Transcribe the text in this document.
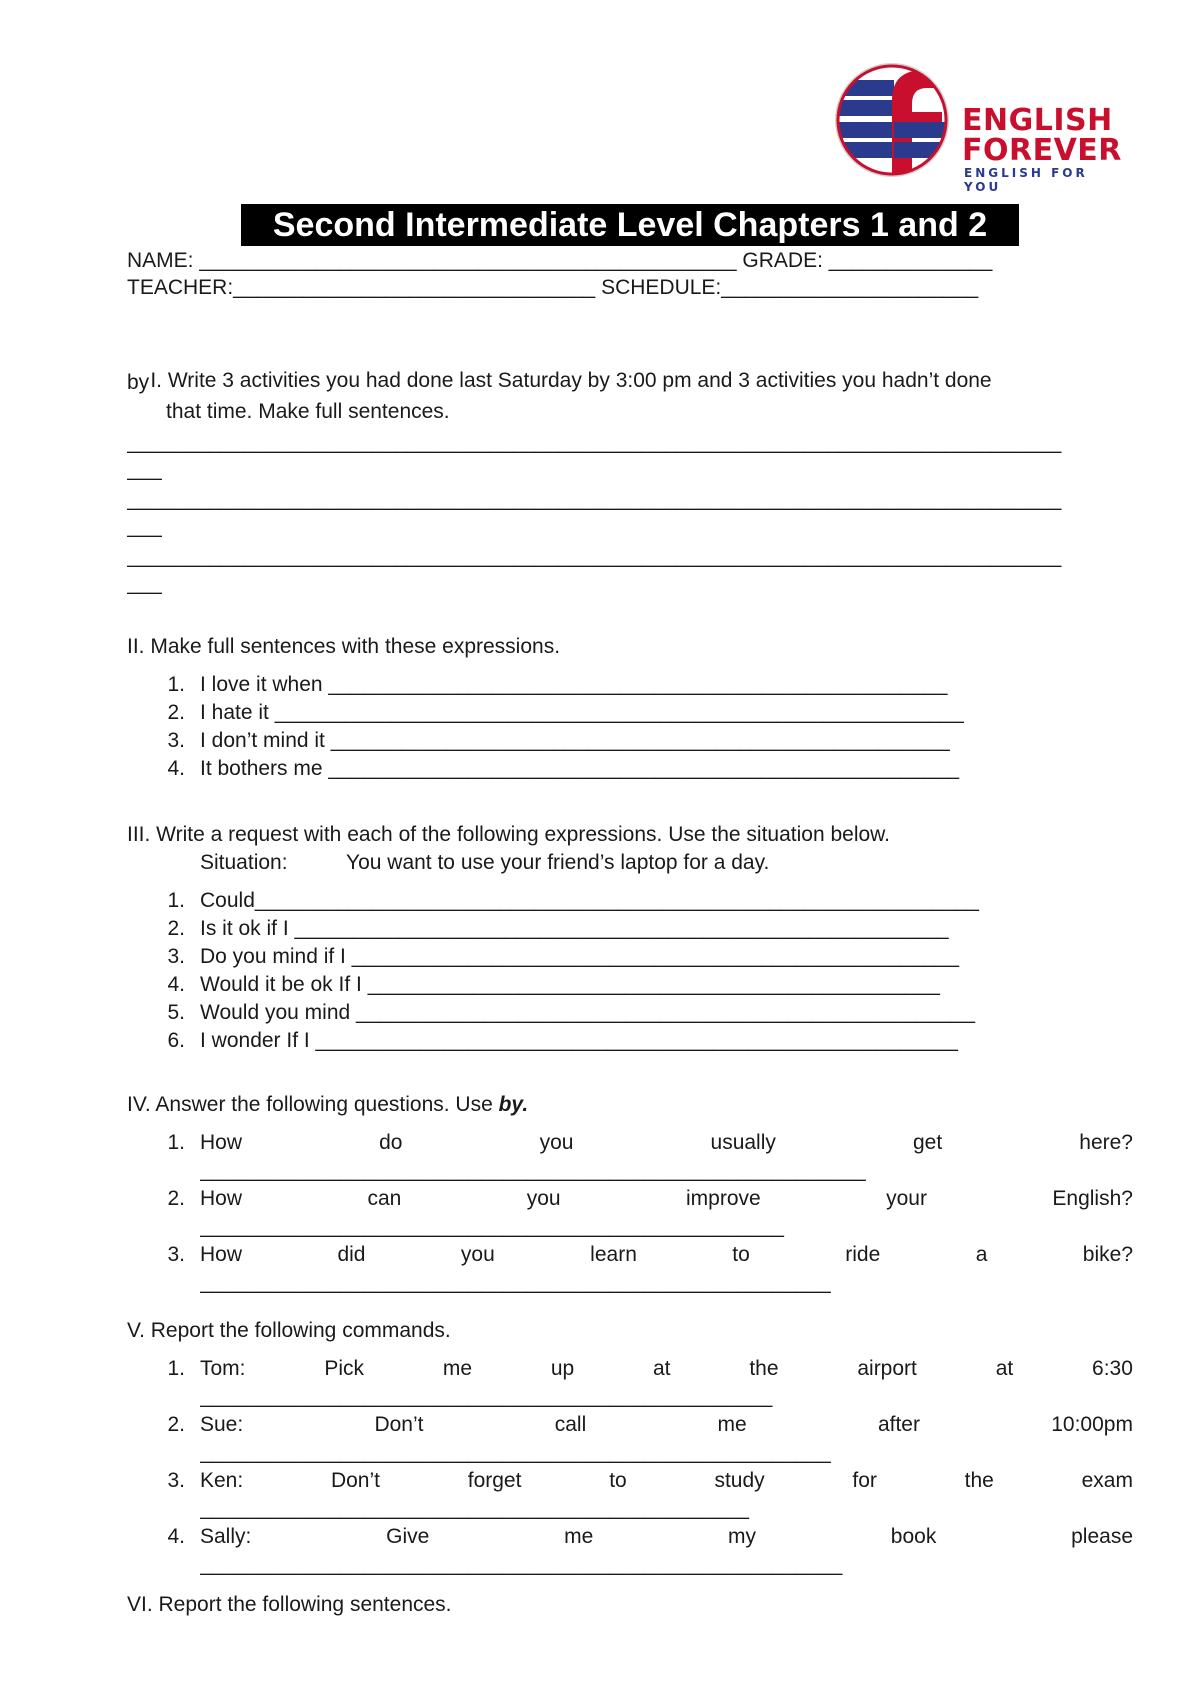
ENGLISH
FOREVER
ENGLISH FOR YOU
Second Intermediate Level Chapters 1 and 2
NAME: ______________________________________________ GRADE: ______________
TEACHER:_______________________________ SCHEDULE:______________________

I. Write 3 activities you had done last Saturday by 3:00 pm and 3 activities you hadn’t done

by
that time. Make full sentences.
________________________________________________________________________________
___
________________________________________________________________________________
___
________________________________________________________________________________
___
II. Make full sentences with these expressions.
1. I love it when _____________________________________________________
2. I hate it ___________________________________________________________
3. I don’t mind it _____________________________________________________
4. It bothers me ______________________________________________________
III. Write a request with each of the following expressions. Use the situation below.
Situation:	You want to use your friend’s laptop for a day.
1. Could______________________________________________________________
2. Is it ok if I ________________________________________________________
3. Do you mind if I ____________________________________________________
4. Would it be ok If I _________________________________________________
5. Would you mind _____________________________________________________
6. I wonder If I _______________________________________________________
IV. Answer the following questions. Use by.
1. How	do	you	usually	get	here?
_________________________________________________________
2. How	can	you	improve	your	English?
__________________________________________________
3. How	did	you	learn	to	ride	a	bike?
______________________________________________________
V. Report the following commands.
1. Tom:	Pick	me	up	at	the	airport	at	6:30
_________________________________________________
2. Sue:	Don’t	call	me	after	10:00pm
______________________________________________________
3. Ken:	Don’t	forget	to	study	for	the	exam
_______________________________________________
4. Sally:	Give	me	my	book	please
_______________________________________________________
VI. Report the following sentences.
